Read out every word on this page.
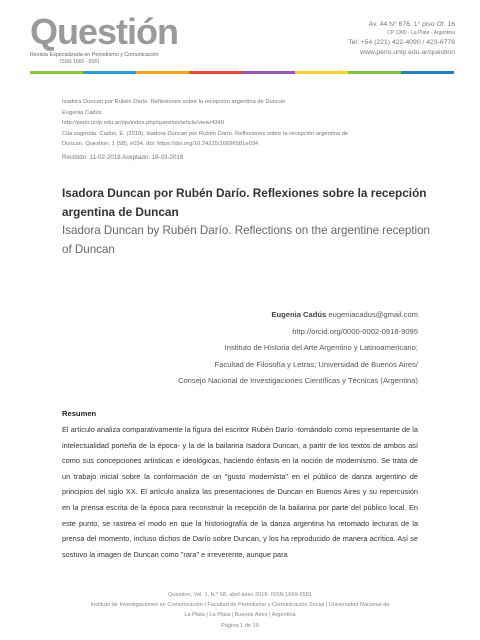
Questión
Revista Especializada en Periodismo y Comunicación
ISSN 1669 - 6581
Av. 44 N° 676, 1° piso Of. 16
CP 1900 - La Plata - Argentina
Tel: +54 (221) 422-4090 / 423-6778
www.perio.unlp.edu.ar/question
Isadora Duncan por Rubén Darío. Reflexiones sobre la recepción argentina de Duncan
Eugenia Cadús
http://perio.unlp.edu.ar/ojs/index.php/question/article/view/4340
Cita sugerida: Cadús, E. (2018). Isadora Duncan por Rubén Darío. Reflexiones sobre la recepción argentina de
Duncan. Question, 1 (58), e034. doi: https://doi.org/10.24215/16696581e034
Recibido: 11-02-2018 Aceptado: 16-03-2018
Isadora Duncan por Rubén Darío. Reflexiones sobre la recepción argentina de Duncan
Isadora Duncan by Rubén Darío. Reflections on the argentine reception of Duncan
Eugenia Cadús eugeniacadus@gmail.com
http://orcid.org/0000-0002-0918-9095
Instituto de Historia del Arte Argentino y Latinoamericano;
Facultad de Filosofía y Letras; Universidad de Buenos Aires/
Consejo Nacional de Investigaciones Científicas y Técnicas (Argentina)
Resumen
El artículo analiza comparativamente la figura del escritor Rubén Darío -tomándolo como representante de la intelectualidad porteña de la época- y la de la bailarina Isadora Duncan, a partir de los textos de ambos así como sus concepciones artísticas e ideológicas, haciendo énfasis en la noción de modernismo. Se trata de un trabajo inicial sobre la conformación de un "gusto modernista" en el público de danza argentino de principios del siglo XX. El artículo analiza las presentaciones de Duncan en Buenos Aires y su repercusión en la prensa escrita de la época para reconstruir la recepción de la bailarina por parte del público local. En este punto, se rastrea el modo en que la historiografía de la danza argentina ha retomado lecturas de la prensa del momento, incluso dichos de Darío sobre Duncan, y los ha reproducido de manera acrítica. Así se sostuvo la imagen de Duncan como "rara" e irreverente, aunque para
Question, Vol. 1, N.º 58, abril-junio 2018. ISSN 1669-6581
Instituto de Investigaciones en Comunicación | Facultad de Periodismo y Comunicación Social | Universidad Nacional de
La Plata | La Plata | Buenos Aires | Argentina
Página 1 de 19
